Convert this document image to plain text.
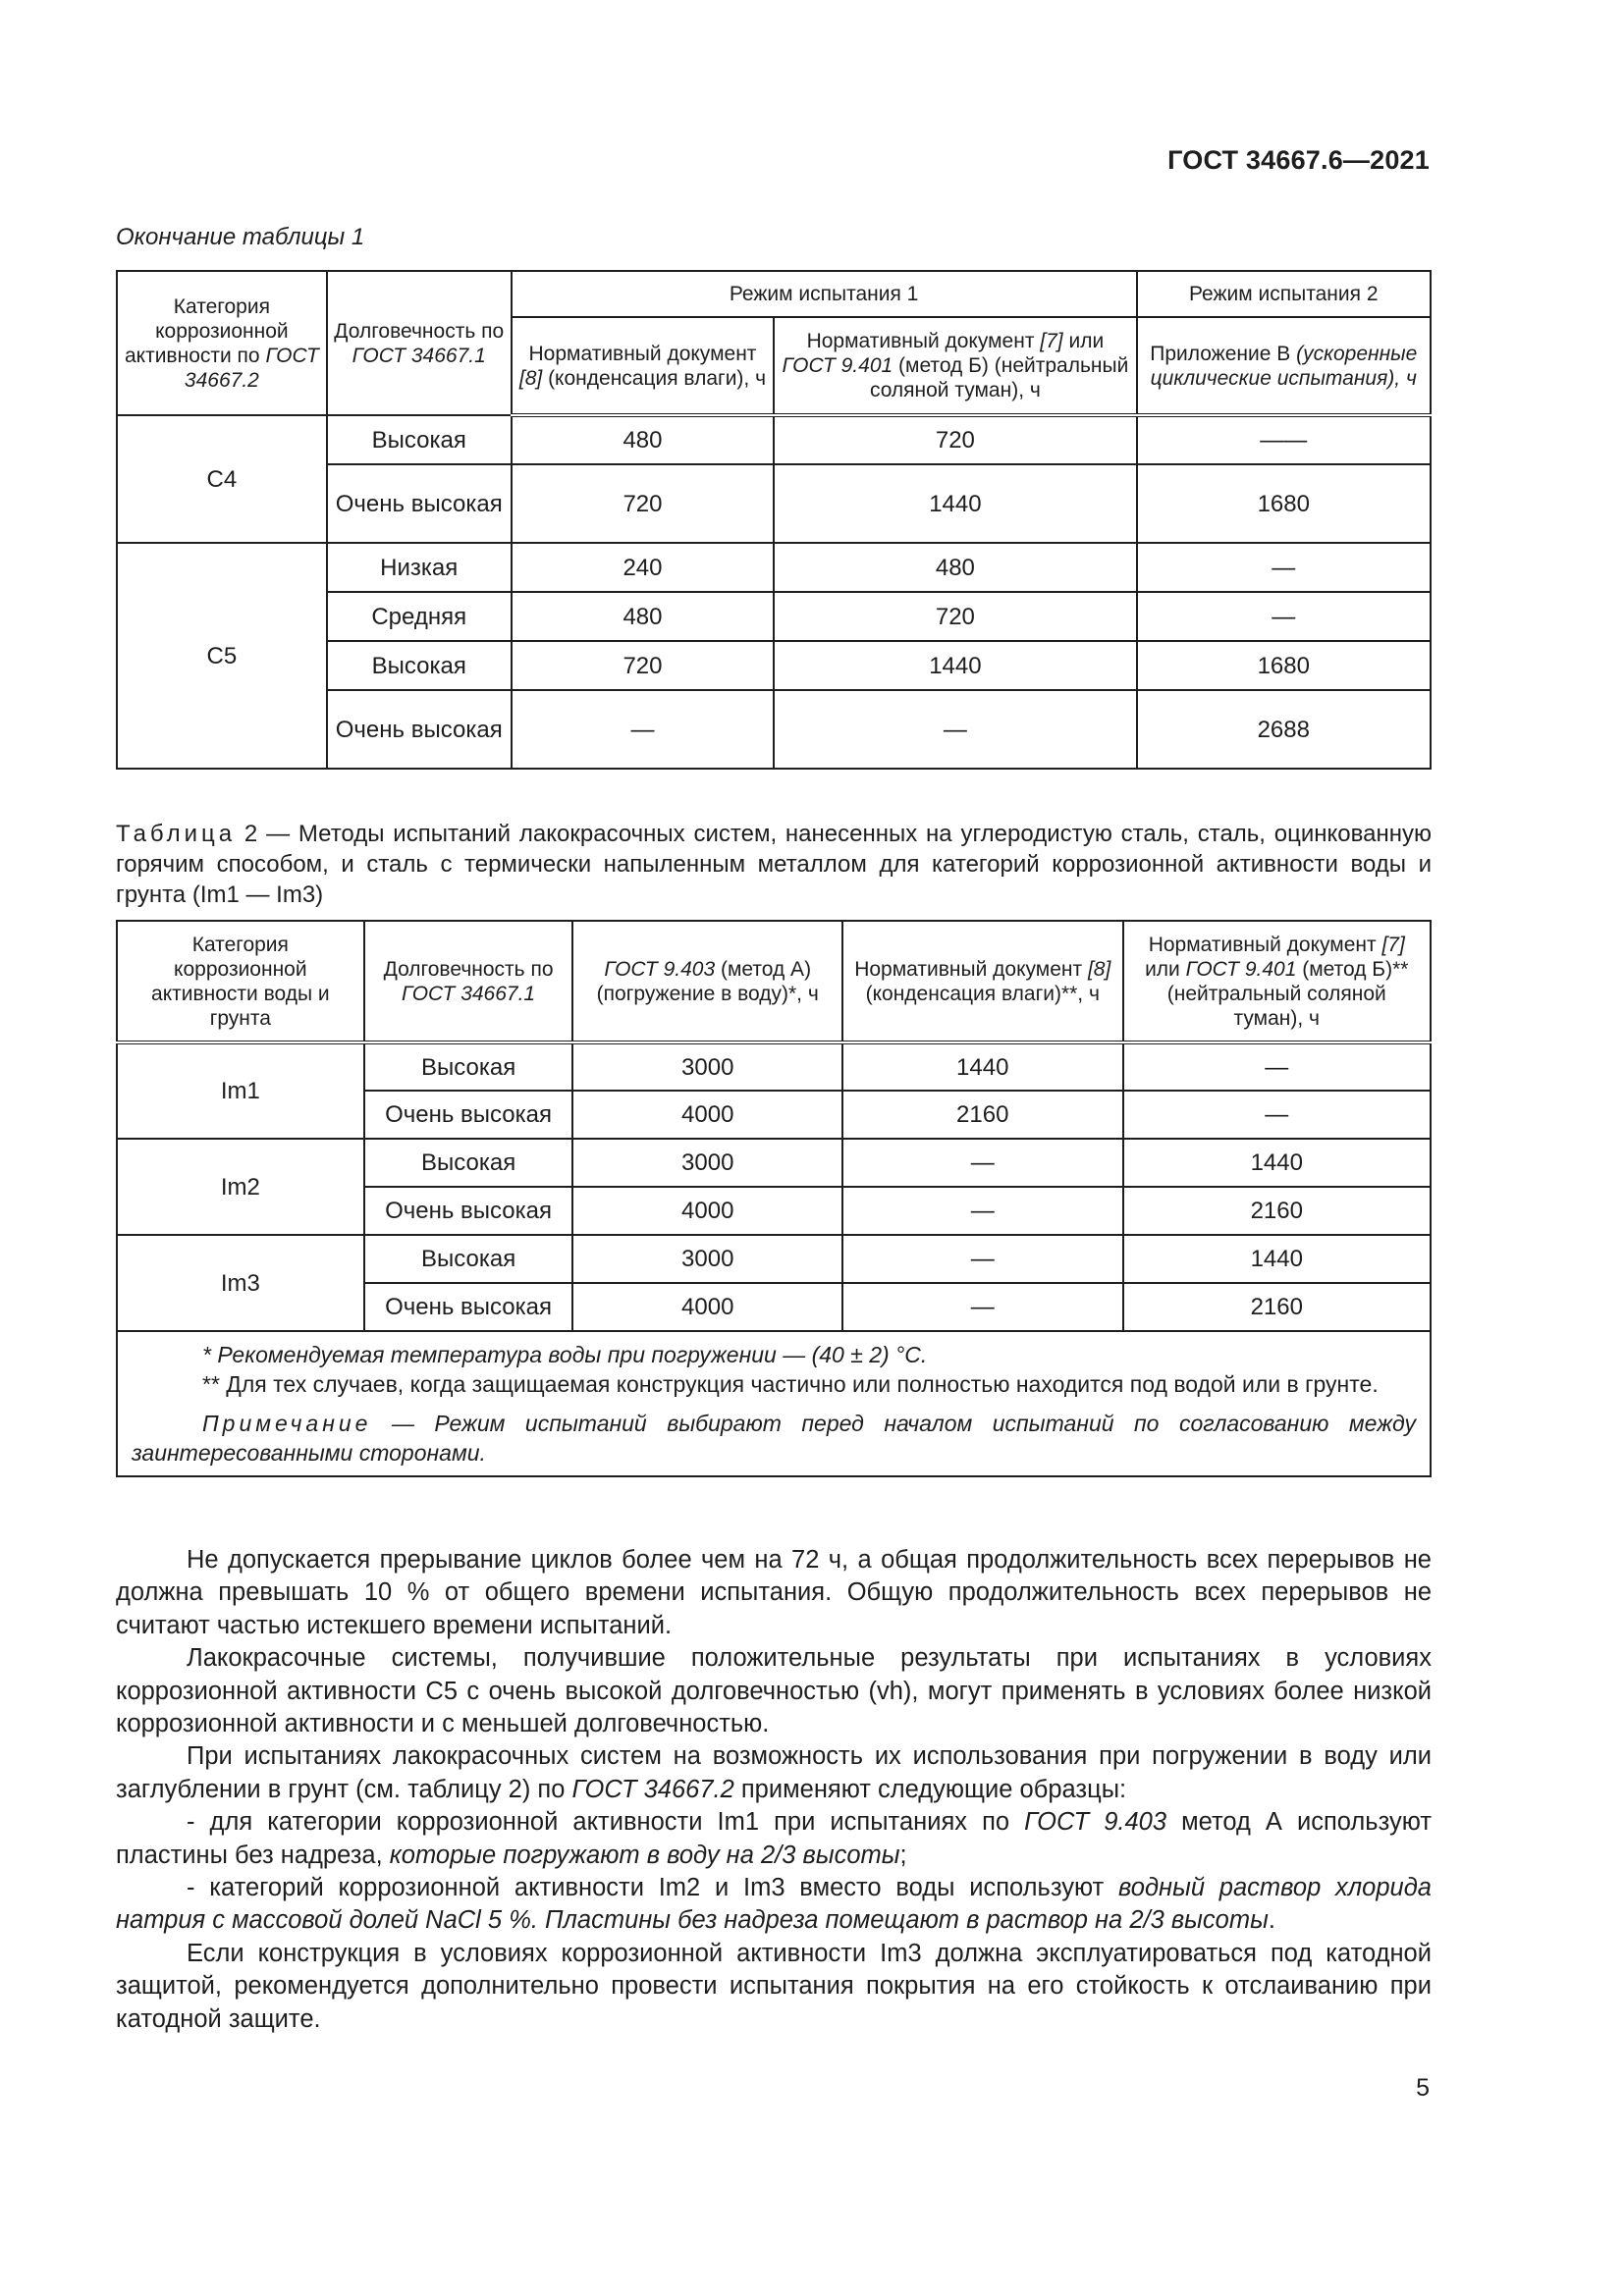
ГОСТ 34667.6—2021
Окончание таблицы 1
Категория коррозионной активности по ГОСТ 34667.2	Долговечность по ГОСТ 34667.1	Режим испытания 1		Режим испытания 2
		Нормативный документ [8] (конденсация влаги), ч	Нормативный документ [7] или ГОСТ 9.401 (метод Б) (нейтральный соляной туман), ч	Приложение В (ускоренные циклические испытания), ч
С4	Высокая	480	720	——
	Очень высокая	720	1440	1680
С5	Низкая	240	480	—
	Средняя	480	720	—
	Высокая	720	1440	1680
	Очень высокая	—	—	2688
Таблица 2 — Методы испытаний лакокрасочных систем, нанесенных на углеродистую сталь, сталь, оцинкованную горячим способом, и сталь с термически напыленным металлом для категорий коррозионной активности воды и грунта (Im1 — Im3)
Категория коррозионной активности воды и грунта	Долговечность по ГОСТ 34667.1	ГОСТ 9.403 (метод А) (погружение в воду)*, ч	Нормативный документ [8] (конденсация влаги)**, ч	Нормативный документ [7] или ГОСТ 9.401 (метод Б)** (нейтральный соляной туман), ч
Im1	Высокая	3000	1440	—
	Очень высокая	4000	2160	—
Im2	Высокая	3000	—	1440
	Очень высокая	4000	—	2160
Im3	Высокая	3000	—	1440
	Очень высокая	4000	—	2160

* Рекомендуемая температура воды при погружении — (40 ± 2) °С.

** Для тех случаев, когда защищаемая конструкция частично или полностью находится под водой или в грунте.

Примечание — Режим испытаний выбирают перед началом испытаний по согласованию между заинтересованными сторонами.				

Не допускается прерывание циклов более чем на 72 ч, а общая продолжительность всех перерывов не должна превышать 10 % от общего времени испытания. Общую продолжительность всех перерывов не считают частью истекшего времени испытаний.

Лакокрасочные системы, получившие положительные результаты при испытаниях в условиях коррозионной активности С5 с очень высокой долговечностью (vh), могут применять в условиях более низкой коррозионной активности и с меньшей долговечностью.

При испытаниях лакокрасочных систем на возможность их использования при погружении в воду или заглублении в грунт (см. таблицу 2) по ГОСТ 34667.2 применяют следующие образцы:

- для категории коррозионной активности Im1 при испытаниях по ГОСТ 9.403 метод А используют пластины без надреза, которые погружают в воду на 2/3 высоты;

- категорий коррозионной активности Im2 и Im3 вместо воды используют водный раствор хлорида натрия с массовой долей NaCl 5 %. Пластины без надреза помещают в раствор на 2/3 высоты.

Если конструкция в условиях коррозионной активности Im3 должна эксплуатироваться под катодной защитой, рекомендуется дополнительно провести испытания покрытия на его стойкость к отслаиванию при катодной защите.

5
